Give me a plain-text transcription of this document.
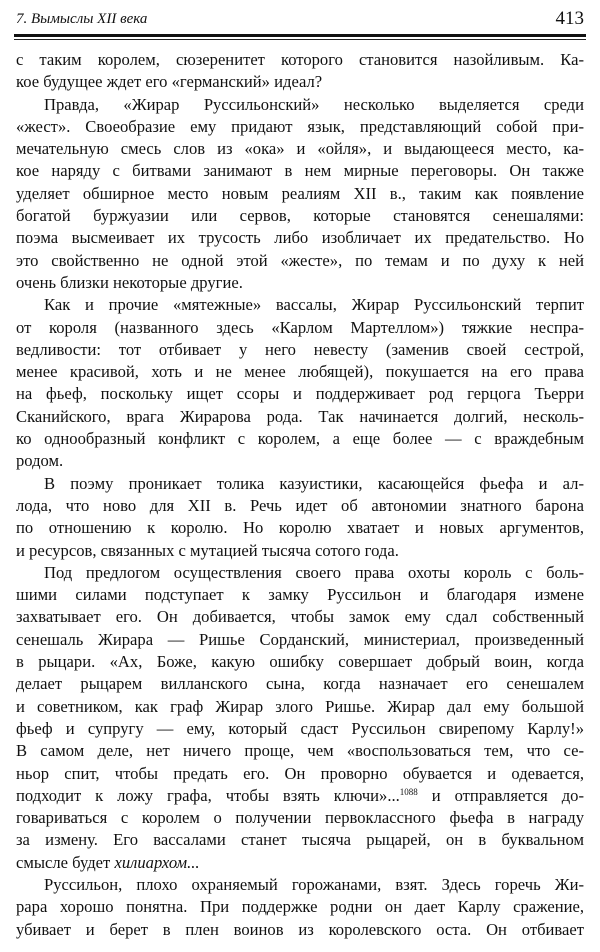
7. Вымыслы XII века	413
с таким королем, сюзеренитет которого становится назойливым. Ка-
кое будущее ждет его «германский» идеал?
Правда, «Жирар Руссильонский» несколько выделяется среди
«жест». Своеобразие ему придают язык, представляющий собой при-
мечательную смесь слов из «ока» и «ойля», и выдающееся место, ка-
кое наряду с битвами занимают в нем мирные переговоры. Он также
уделяет обширное место новым реалиям XII в., таким как появление
богатой буржуазии или сервов, которые становятся сенешалями:
поэма высмеивает их трусость либо изобличает их предательство. Но
это свойственно не одной этой «жесте», по темам и по духу к ней
очень близки некоторые другие.
Как и прочие «мятежные» вассалы, Жирар Руссильонский терпит
от короля (названного здесь «Карлом Мартеллом») тяжкие неспра-
ведливости: тот отбивает у него невесту (заменив своей сестрой,
менее красивой, хоть и не менее любящей), покушается на его права
на фьеф, поскольку ищет ссоры и поддерживает род герцога Тьерри
Сканийского, врага Жирарова рода. Так начинается долгий, несколь-
ко однообразный конфликт с королем, а еще более — с враждебным
родом.
В поэму проникает толика казуистики, касающейся фьефа и ал-
лода, что ново для XII в. Речь идет об автономии знатного барона
по отношению к королю. Но королю хватает и новых аргументов,
и ресурсов, связанных с мутацией тысяча сотого года.
Под предлогом осуществления своего права охоты король с боль-
шими силами подступает к замку Руссильон и благодаря измене
захватывает его. Он добивается, чтобы замок ему сдал собственный
сенешаль Жирара — Ришье Сорданский, министериал, произведенный
в рыцари. «Ах, Боже, какую ошибку совершает добрый воин, когда
делает рыцарем вилланского сына, когда назначает его сенешалем
и советником, как граф Жирар злого Ришье. Жирар дал ему большой
фьеф и супругу — ему, который сдаст Руссильон свирепому Карлу!»
В самом деле, нет ничего проще, чем «воспользоваться тем, что се-
ньор спит, чтобы предать его. Он проворно обувается и одевается,
подходит к ложу графа, чтобы взять ключи»...$^{1088}$ и отправляется до-
говариваться с королем о получении первоклассного фьефа в награду
за измену. Его вассалами станет тысяча рыцарей, он в буквальном
смысле будет хилиархом...
Руссильон, плохо охраняемый горожанами, взят. Здесь горечь Жи-
рара хорошо понятна. При поддержке родни он дает Карлу сражение,
убивает и берет в плен воинов из королевского оста. Он отбивает
